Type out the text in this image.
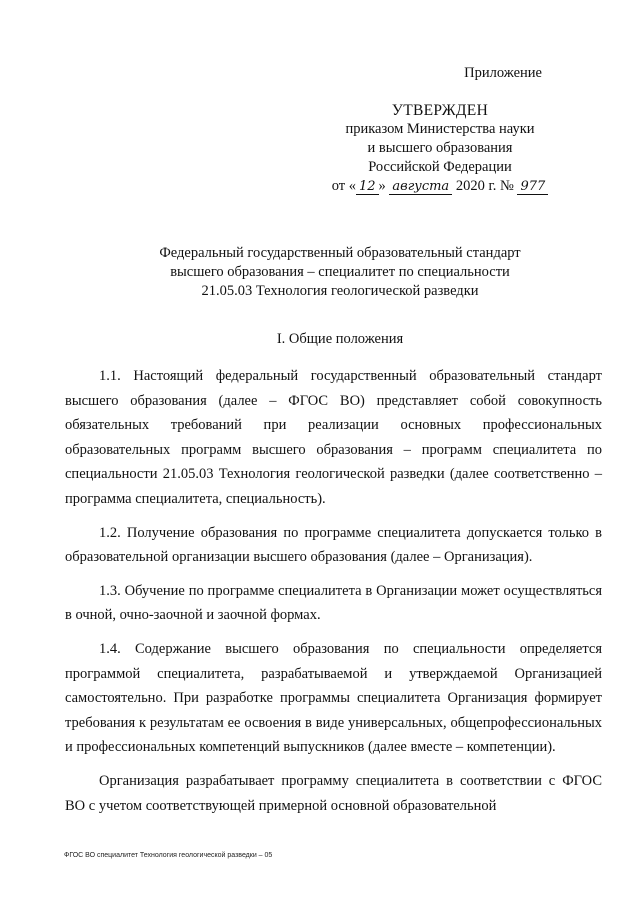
Приложение
УТВЕРЖДЕН
приказом Министерства науки
и высшего образования
Российской Федерации
от « 12 » августа 2020 г. № 977
Федеральный государственный образовательный стандарт
высшего образования – специалитет по специальности
21.05.03 Технология геологической разведки
I. Общие положения

1.1. Настоящий федеральный государственный образовательный стандарт высшего образования (далее – ФГОС ВО) представляет собой совокупность обязательных требований при реализации основных профессиональных образовательных программ высшего образования – программ специалитета по специальности 21.05.03 Технология геологической разведки (далее соответственно – программа специалитета, специальность).

1.2. Получение образования по программе специалитета допускается только в образовательной организации высшего образования (далее – Организация).

1.3. Обучение по программе специалитета в Организации может осуществляться в очной, очно-заочной и заочной формах.

1.4. Содержание высшего образования по специальности определяется программой специалитета, разрабатываемой и утверждаемой Организацией самостоятельно. При разработке программы специалитета Организация формирует требования к результатам ее освоения в виде универсальных, общепрофессиональных и профессиональных компетенций выпускников (далее вместе – компетенции).

Организация разрабатывает программу специалитета в соответствии с ФГОС ВО с учетом соответствующей примерной основной образовательной

ФГОС ВО специалитет Технология геологической разведки – 05
